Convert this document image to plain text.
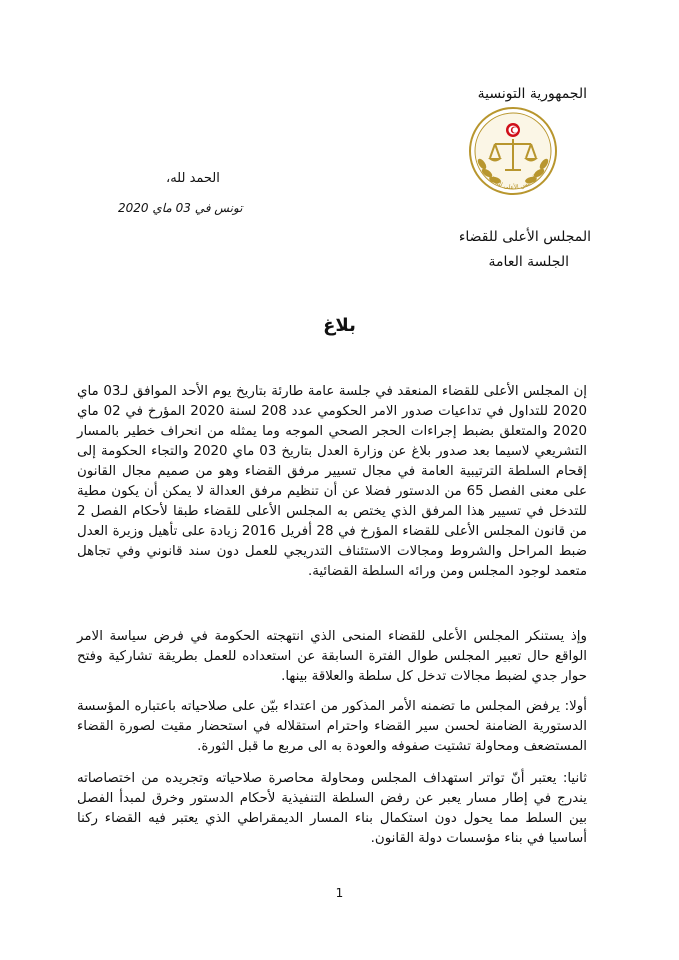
الجمهورية التونسية
المجلس الأعلى للقضاء
الحمد لله،
تونس في 03 ماي 2020
المجلس الأعلى للقضاء
الجلسة العامة
بلاغ
إن المجلس الأعلى للقضاء المنعقد في جلسة عامة طارئة بتاريخ يوم الأحد الموافق لـ03 ماي 2020 للتداول في تداعيات صدور الامر الحكومي عدد 208 لسنة 2020 المؤرخ في 02 ماي 2020 والمتعلق بضبط إجراءات الحجر الصحي الموجه وما يمثله من انحراف خطير بالمسار التشريعي لاسيما بعد صدور بلاغ عن وزارة العدل بتاريخ 03 ماي 2020 والتجاء الحكومة إلى إقحام السلطة الترتيبية العامة في مجال تسيير مرفق القضاء وهو من صميم مجال القانون على معنى الفصل 65 من الدستور فضلا عن أن تنظيم مرفق العدالة لا يمكن أن يكون مطية للتدخل في تسيير هذا المرفق الذي يختص به المجلس الأعلى للقضاء طبقا لأحكام الفصل 2 من قانون المجلس الأعلى للقضاء المؤرخ في 28 أفريل 2016 زيادة على تأهيل وزيرة العدل ضبط المراحل والشروط ومجالات الاستئناف التدريجي للعمل دون سند قانوني وفي تجاهل متعمد لوجود المجلس ومن ورائه السلطة القضائية.
وإذ يستنكر المجلس الأعلى للقضاء المنحى الذي انتهجته الحكومة في فرض سياسة الامر الواقع حال تعبير المجلس طوال الفترة السابقة عن استعداده للعمل بطريقة تشاركية وفتح حوار جدي لضبط مجالات تدخل كل سلطة والعلاقة بينها.
أولا: يرفض المجلس ما تضمنه الأمر المذكور من اعتداء بيّن على صلاحياته باعتباره المؤسسة الدستورية الضامنة لحسن سير القضاء واحترام استقلاله في استحضار مقيت لصورة القضاء المستضعف ومحاولة تشتيت صفوفه والعودة به الى مربع ما قبل الثورة.
ثانيا: يعتبر أنّ تواتر استهداف المجلس ومحاولة محاصرة صلاحياته وتجريده من اختصاصاته يندرج في إطار مسار يعبر عن رفض السلطة التنفيذية لأحكام الدستور وخرق لمبدأ الفصل بين السلط مما يحول دون استكمال بناء المسار الديمقراطي الذي يعتبر فيه القضاء ركنا أساسيا في بناء مؤسسات دولة القانون.
1
